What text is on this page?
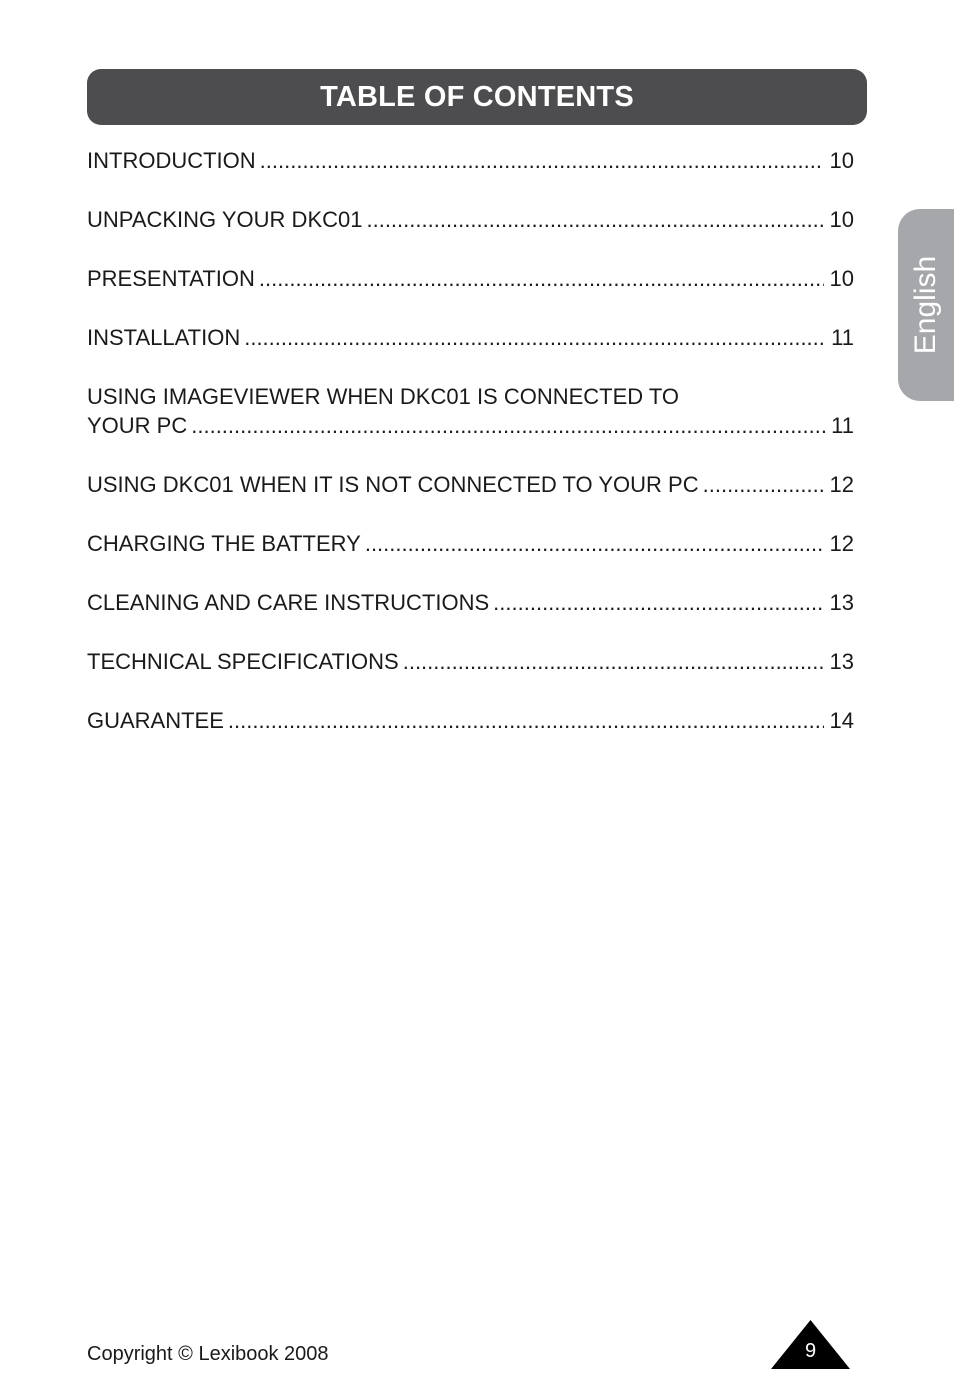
TABLE OF CONTENTS
INTRODUCTION .....	10
UNPACKING YOUR DKC01 .....	10
PRESENTATION .....	10
INSTALLATION .....	11
USING IMAGEVIEWER WHEN DKC01 IS CONNECTED TO
YOUR PC .....	11
USING DKC01 WHEN IT IS NOT CONNECTED TO YOUR PC .....	12
CHARGING THE BATTERY .....	12
CLEANING AND CARE INSTRUCTIONS .....	13
TECHNICAL SPECIFICATIONS .....	13
GUARANTEE .....	14
English
Copyright © Lexibook 2008	9
